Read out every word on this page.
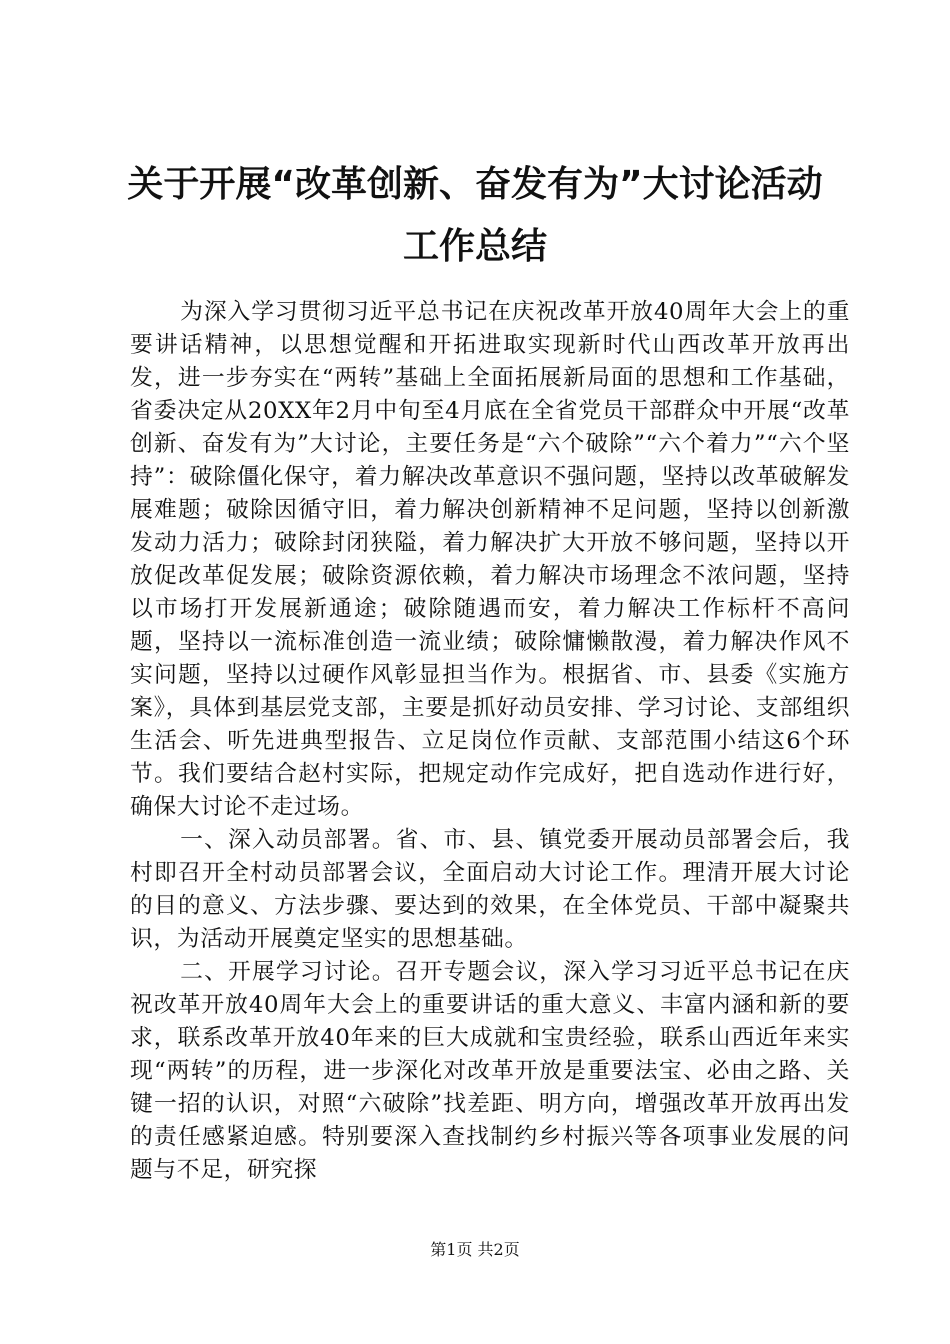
关于开展“改革创新、奋发有为”大讨论活动
工作总结

为深入学习贯彻习近平总书记在庆祝改革开放40周年大会上的重要讲话精神，以思想觉醒和开拓进取实现新时代山西改革开放再出发，进一步夯实在“两转”基础上全面拓展新局面的思想和工作基础，省委决定从20XX年2月中旬至4月底在全省党员干部群众中开展“改革创新、奋发有为”大讨论，主要任务是“六个破除”“六个着力”“六个坚持”：破除僵化保守，着力解决改革意识不强问题，坚持以改革破解发展难题；破除因循守旧，着力解决创新精神不足问题，坚持以创新激发动力活力；破除封闭狭隘，着力解决扩大开放不够问题，坚持以开放促改革促发展；破除资源依赖，着力解决市场理念不浓问题，坚持以市场打开发展新通途；破除随遇而安，着力解决工作标杆不高问题，坚持以一流标准创造一流业绩；破除慵懒散漫，着力解决作风不实问题，坚持以过硬作风彰显担当作为。根据省、市、县委《实施方案》，具体到基层党支部，主要是抓好动员安排、学习讨论、支部组织生活会、听先进典型报告、立足岗位作贡献、支部范围小结这6个环节。我们要结合赵村实际，把规定动作完成好，把自选动作进行好，确保大讨论不走过场。

一、深入动员部署。省、市、县、镇党委开展动员部署会后，我村即召开全村动员部署会议，全面启动大讨论工作。理清开展大讨论的目的意义、方法步骤、要达到的效果，在全体党员、干部中凝聚共识，为活动开展奠定坚实的思想基础。

二、开展学习讨论。召开专题会议，深入学习习近平总书记在庆祝改革开放40周年大会上的重要讲话的重大意义、丰富内涵和新的要求，联系改革开放40年来的巨大成就和宝贵经验，联系山西近年来实现“两转”的历程，进一步深化对改革开放是重要法宝、必由之路、关键一招的认识，对照“六破除”找差距、明方向，增强改革开放再出发的责任感紧迫感。特别要深入查找制约乡村振兴等各项事业发展的问题与不足，研究探

第1页 共2页
